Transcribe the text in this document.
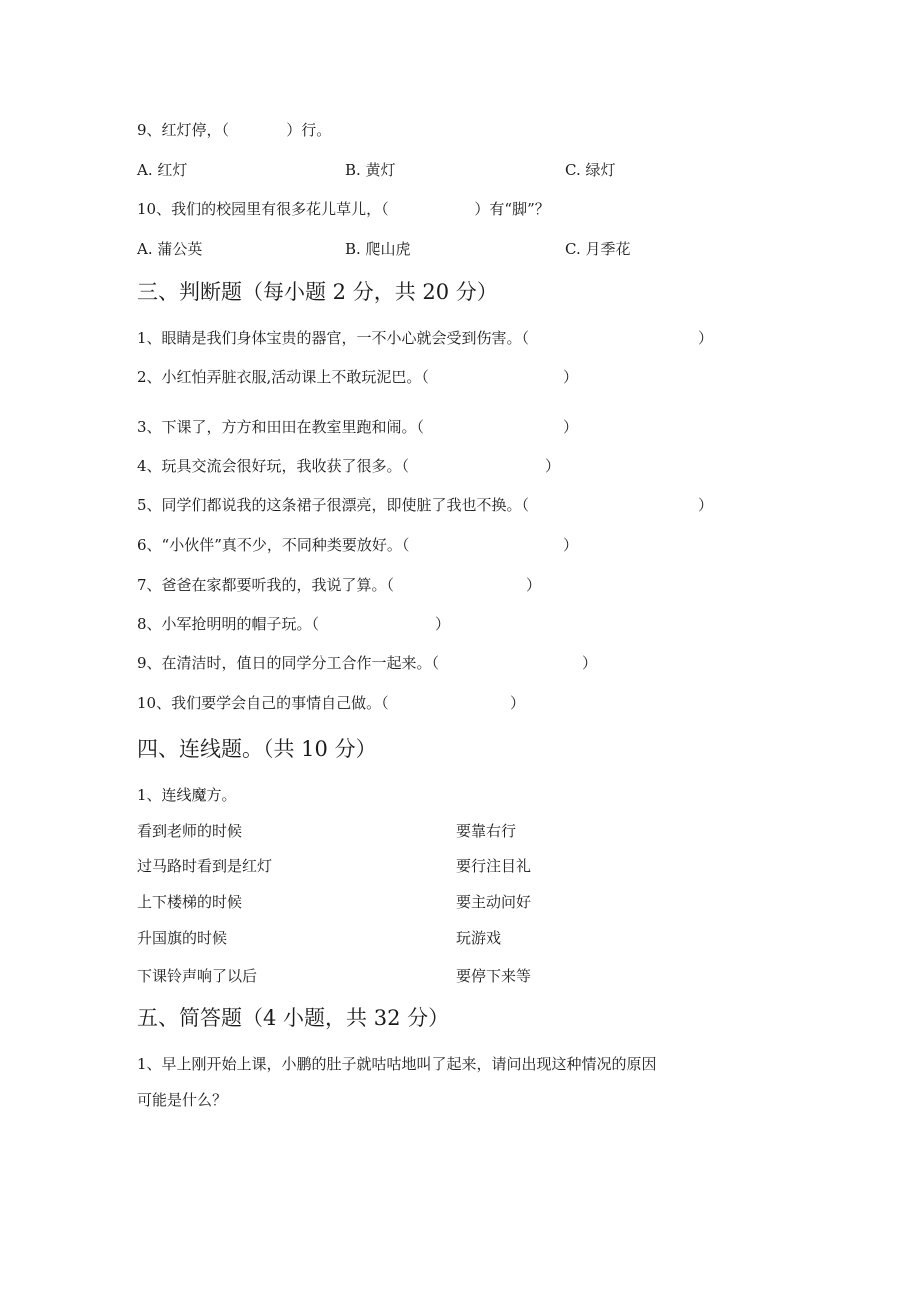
9、红灯停，（            ）行。
A. 红灯	B. 黄灯	C. 绿灯
10、我们的校园里有很多花儿草儿，（                  ）有“脚”？
A. 蒲公英	B. 爬山虎	C. 月季花
三、判断题（每小题 2 分，共 20 分）
1、眼睛是我们身体宝贵的器官，一不小心就会受到伤害。（	）
2、小红怕弄脏衣服,活动课上不敢玩泥巴。（	）
3、下课了，方方和田田在教室里跑和闹。（	）
4、玩具交流会很好玩，我收获了很多。（	）
5、同学们都说我的这条裙子很漂亮，即使脏了我也不换。（	）
6、“小伙伴”真不少，不同种类要放好。（	）
7、爸爸在家都要听我的，我说了算。（	）
8、小军抢明明的帽子玩。（	）
9、在清洁时，值日的同学分工合作一起来。（	）
10、我们要学会自己的事情自己做。（	）
四、连线题。（共 10 分）
1、连线魔方。
看到老师的时候	要靠右行
过马路时看到是红灯	要行注目礼
上下楼梯的时候	要主动问好
升国旗的时候	玩游戏
下课铃声响了以后	要停下来等
五、简答题（4 小题，共 32 分）
1、早上刚开始上课，小鹏的肚子就咕咕地叫了起来，请问出现这种情况的原因
可能是什么？
